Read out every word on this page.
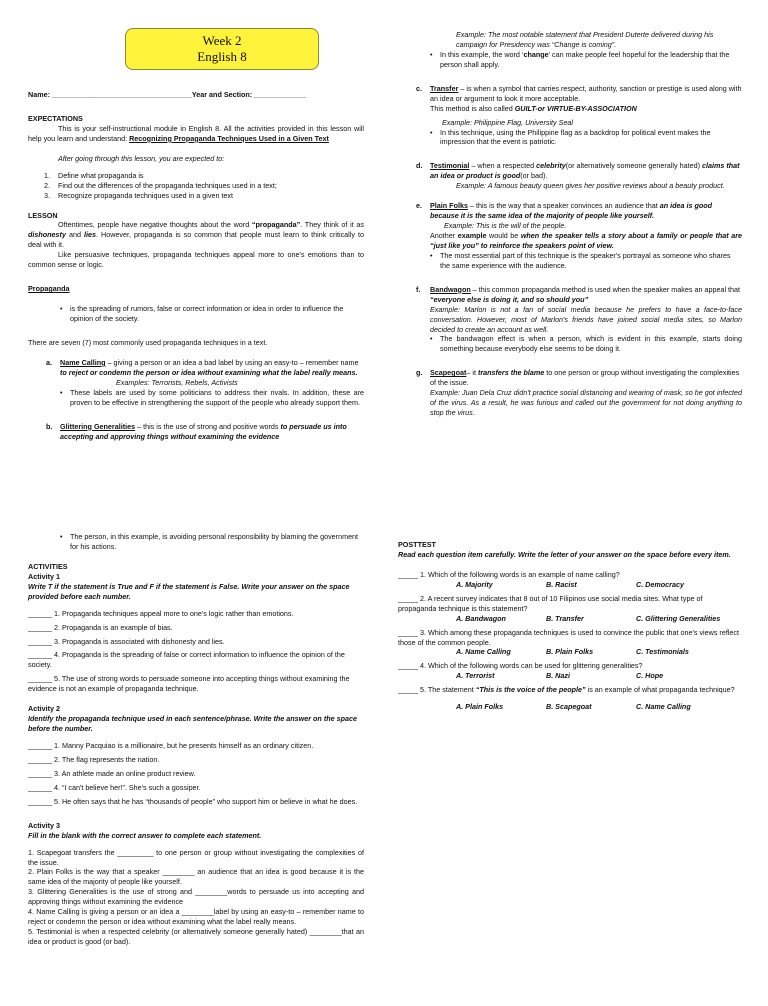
Week 2
English 8

Name: ___________________________________Year and Section: _____________

EXPECTATIONS

This is your self-instructional module in English 8. All the activities provided in this lesson will help you learn and understand: Recognizing Propaganda Techniques Used in a Given Text

After going through this lesson, you are expected to:

1. Define what propaganda is
2. Find out the differences of the propaganda techniques used in a text;
3. Recognize propaganda techniques used in a given text

LESSON

Oftentimes, people have negative thoughts about the word “propaganda”. They think of it as dishonesty and lies. However, propaganda is so common that people must learn to think critically to deal with it.

Like persuasive techniques, propaganda techniques appeal more to one's emotions than to common sense or logic.

Propaganda

• is the spreading of rumors, false or correct information or idea in order to influence the opinion of the society.

There are seven (7) most commonly used propaganda techniques in a text.

a. Name Calling – giving a person or an idea a bad label by using an easy-to – remember name to reject or condemn the person or idea without examining what the label really means.

Examples: Terrorists, Rebels, Activists

• These labels are used by some politicians to address their rivals. In addition, these are proven to be effective in strengthening the support of the people who already support them.
b. Glittering Generalities – this is the use of strong and positive words to persuade us into accepting and approving things without examining the evidence

Example: The most notable statement that President Duterte delivered during his campaign for Presidency was “Change is coming”.

• In this example, the word ‘change’ can make people feel hopeful for the leadership that the person shall apply.
c. Transfer – is when a symbol that carries respect, authority, sanction or prestige is used along with an idea or argument to look it more acceptable.

This method is also called GUILT-or VIRTUE-BY-ASSOCIATION

Example: Philippine Flag, University Seal

• In this technique, using the Philippine flag as a backdrop for political event makes the impression that the event is patriotic.
d. Testimonial – when a respected celebrity(or alternatively someone generally hated) claims that an idea or product is good(or bad).

Example: A famous beauty queen gives her positive reviews about a beauty product.

e. Plain Folks – this is the way that a speaker convinces an audience that an idea is good because it is the same idea of the majority of people like yourself.

Example: This is the will of the people.

Another example would be when the speaker tells a story about a family or people that are “just like you” to reinforce the speakers point of view.

• The most essential part of this technique is the speaker's portrayal as someone who shares the same experience with the audience.
f. Bandwagon – this common propaganda method is used when the speaker makes an appeal that “everyone else is doing it, and so should you”

Example: Marlon is not a fan of social media because he prefers to have a face-to-face conversation. However, most of Marlon's friends have joined social media sites, so Marlon decided to create an account as well.

• The bandwagon effect is when a person, which is evident in this example, starts doing something because everybody else seems to be doing it.
g. Scapegoat– it transfers the blame to one person or group without investigating the complexities of the issue.

Example: Juan Dela Cruz didn't practice social distancing and wearing of mask, so he got infected of the virus. As a result, he was furious and called out the government for not doing anything to stop the virus.

• The person, in this example, is avoiding personal responsibility by blaming the government for his actions.

ACTIVITIES

Activity 1

Write T if the statement is True and F if the statement is False. Write your answer on the space provided before each number.

______ 1. Propaganda techniques appeal more to one's logic rather than emotions.

______ 2. Propaganda is an example of bias.

______ 3. Propaganda is associated with dishonesty and lies.

______ 4. Propaganda is the spreading of false or correct information to influence the opinion of the society.

______ 5. The use of strong words to persuade someone into accepting things without examining the evidence is not an example of propaganda technique.

Activity 2

Identify the propaganda technique used in each sentence/phrase. Write the answer on the space before the number.

______ 1. Manny Pacquiao is a millionaire, but he presents himself as an ordinary citizen.

______ 2. The flag represents the nation.

______ 3. An athlete made an online product review.

______ 4. “I can't believe her!”. She's such a gossiper.

______ 5. He often says that he has “thousands of people” who support him or believe in what he does.

Activity 3

Fill in the blank with the correct answer to complete each statement.

1. Scapegoat transfers the _________ to one person or group without investigating the complexities of the issue.

2. Plain Folks is the way that a speaker ________ an audience that an idea is good because it is the same idea of the majority of people like yourself.

3. Glittering Generalities is the use of strong and ________words to persuade us into accepting and approving things without examining the evidence

4. Name Calling is giving a person or an idea a ________label by using an easy-to – remember name to reject or condemn the person or idea without examining what the label really means.

5. Testimonial is when a respected celebrity (or alternatively someone generally hated) ________that an idea or product is good (or bad).

POSTTEST

Read each question item carefully. Write the letter of your answer on the space before every item.

_____ 1. Which of the following words is an example of name calling?

A. Majority	B. Racist	C. Democracy

_____ 2. A recent survey indicates that 8 out of 10 Filipinos use social media sites. What type of propaganda technique is this statement?

A. Bandwagon	B. Transfer	C. Glittering Generalities

_____ 3. Which among these propaganda techniques is used to convince the public that one's views reflect those of the common people.

A. Name Calling	B. Plain Folks	C. Testimonials

_____ 4. Which of the following words can be used for glittering generalities?

A. Terrorist	B. Nazi	C. Hope

_____ 5. The statement “This is the voice of the people” is an example of what propaganda technique?

A. Plain Folks	B. Scapegoat	C. Name Calling
